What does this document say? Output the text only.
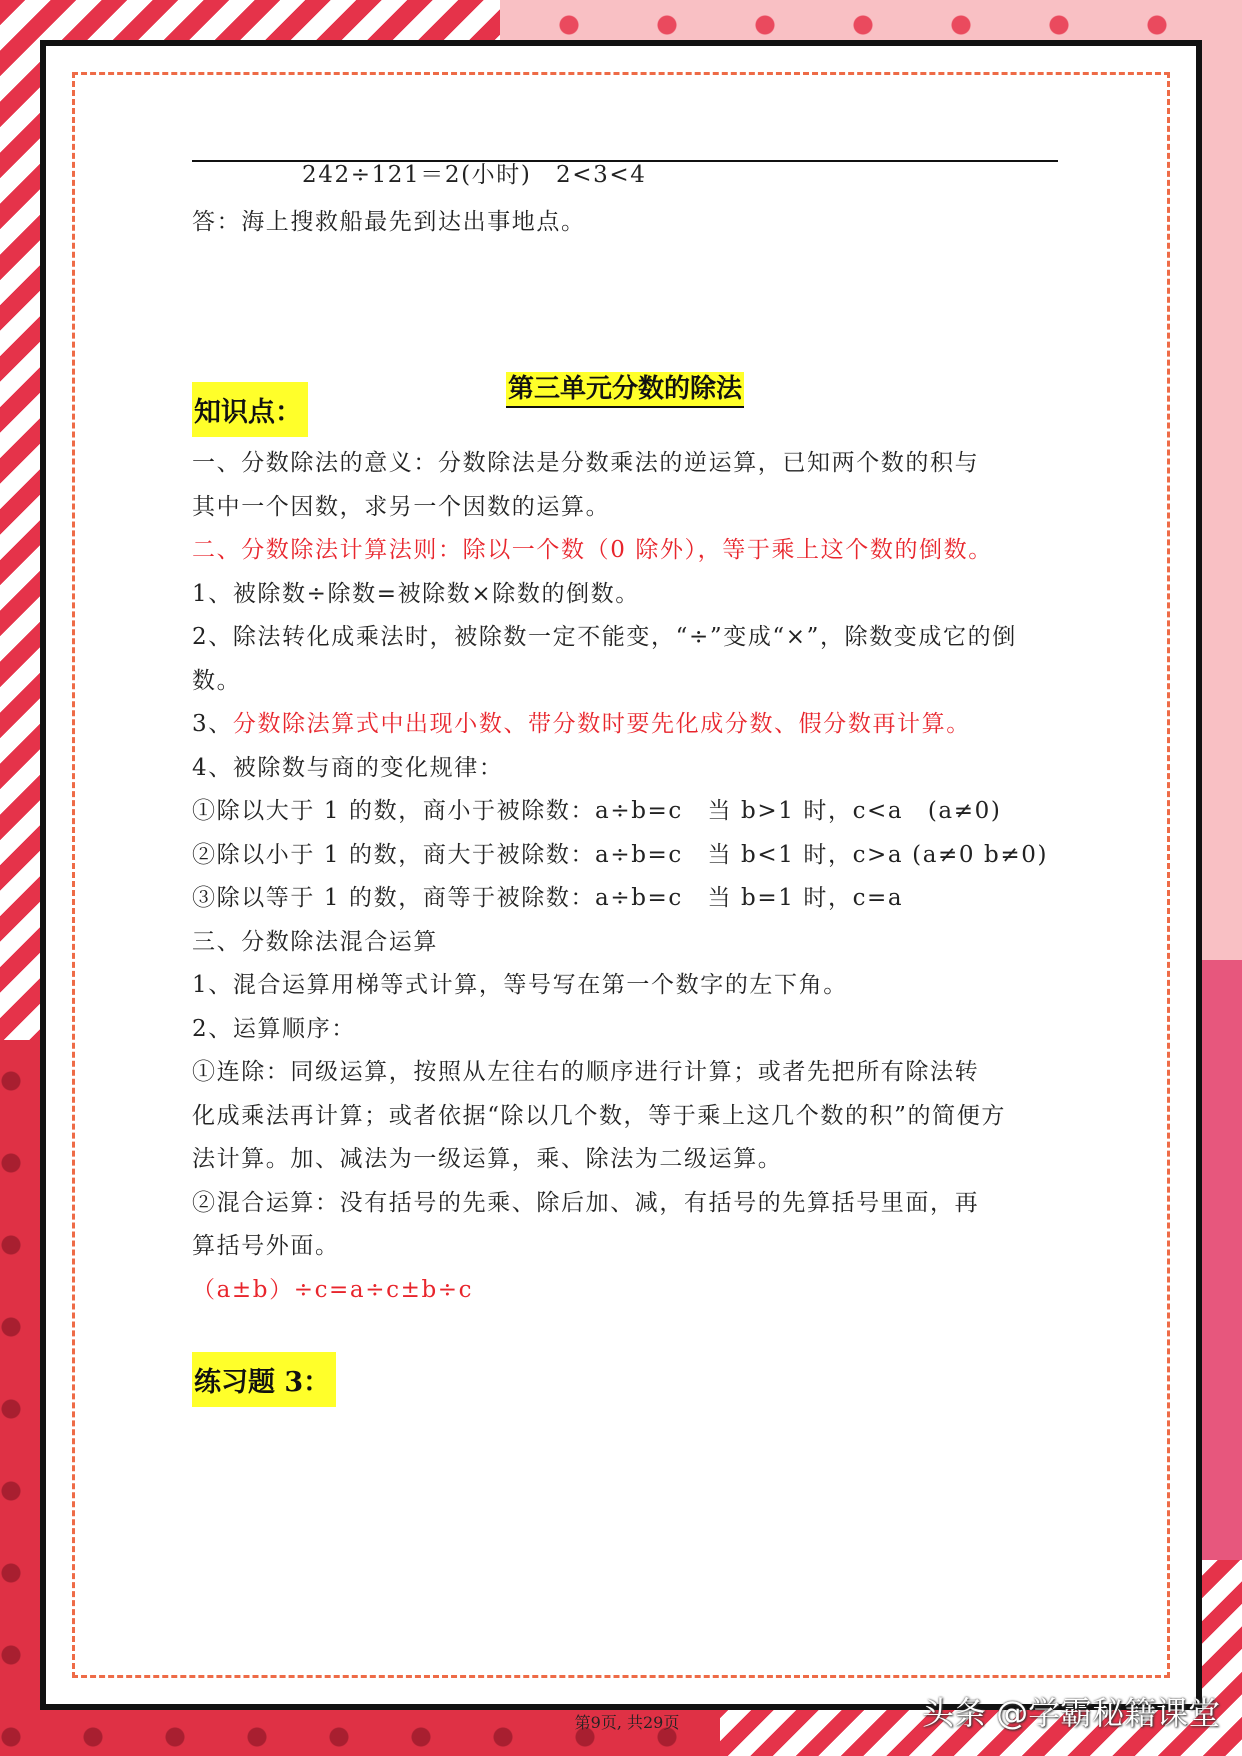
242÷121＝2(小时)　2<3<4
答：海上搜救船最先到达出事地点。
第三单元分数的除法
知识点：
一、分数除法的意义：分数除法是分数乘法的逆运算，已知两个数的积与
其中一个因数，求另一个因数的运算。
二、分数除法计算法则：除以一个数（0 除外），等于乘上这个数的倒数。
1、被除数÷除数=被除数×除数的倒数。
2、除法转化成乘法时，被除数一定不能变，“÷”变成“×”，除数变成它的倒
数。
3、分数除法算式中出现小数、带分数时要先化成分数、假分数再计算。
4、被除数与商的变化规律：
①除以大于 1 的数，商小于被除数：a÷b=c　当 b>1 时，c<a　(a≠0)
②除以小于 1 的数，商大于被除数：a÷b=c　当 b<1 时，c>a (a≠0 b≠0)
③除以等于 1 的数，商等于被除数：a÷b=c　当 b=1 时，c=a
三、分数除法混合运算
1、混合运算用梯等式计算，等号写在第一个数字的左下角。
2、运算顺序：
①连除：同级运算，按照从左往右的顺序进行计算；或者先把所有除法转
化成乘法再计算；或者依据“除以几个数，等于乘上这几个数的积”的简便方
法计算。加、减法为一级运算，乘、除法为二级运算。
②混合运算：没有括号的先乘、除后加、减，有括号的先算括号里面，再
算括号外面。
（a±b）÷c=a÷c±b÷c
练习题 3：
第9页, 共29页	头条 @学霸秘籍课堂
